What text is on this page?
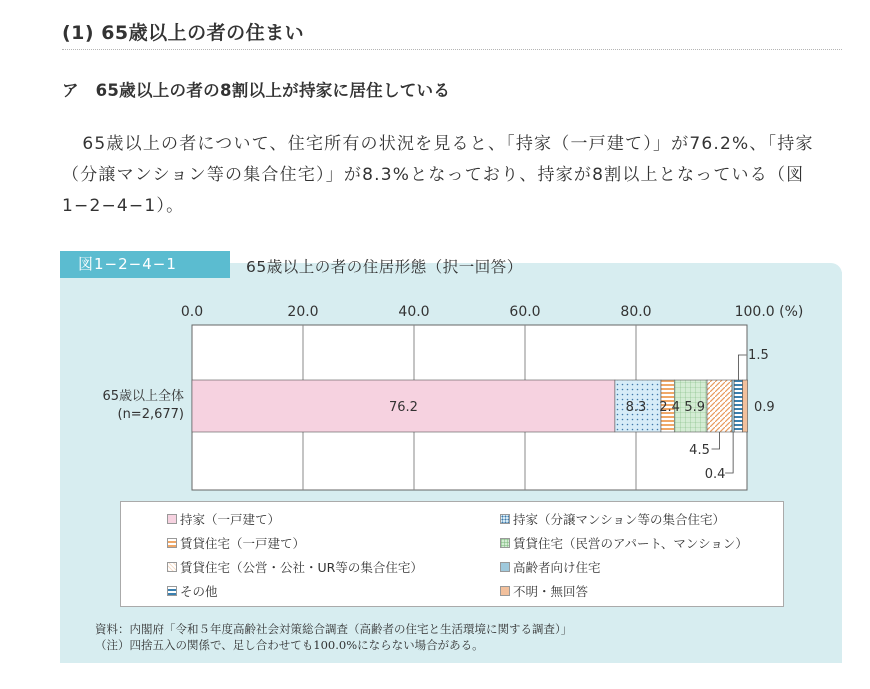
(1) 65歳以上の者の住まい
ア　65歳以上の者の8割以上が持家に居住している

65歳以上の者について、住宅所有の状況を見ると、「持家（一戸建て）」が76.2%、「持家（分譲マンション等の集合住宅）」が8.3%となっており、持家が8割以上となっている（図1−2−4−1）。

図1−2−4−1	65歳以上の者の住居形態（択一回答）
0.0	20.0	40.0	60.0	80.0	100.0 (%)
65歳以上全体
(n=2,677)	76.2	8.3 2.4 5.9
4.5
0.4
1.5
0.9
持家（一戸建て）	持家（分譲マンション等の集合住宅）
賃貸住宅（一戸建て）	賃貸住宅（民営のアパート、マンション）
賃貸住宅（公営・公社・UR等の集合住宅）	高齢者向け住宅
その他	不明・無回答
資料：内閣府「令和５年度高齢社会対策総合調査（高齢者の住宅と生活環境に関する調査）」
（注）四捨五入の関係で、足し合わせても100.0%にならない場合がある。
